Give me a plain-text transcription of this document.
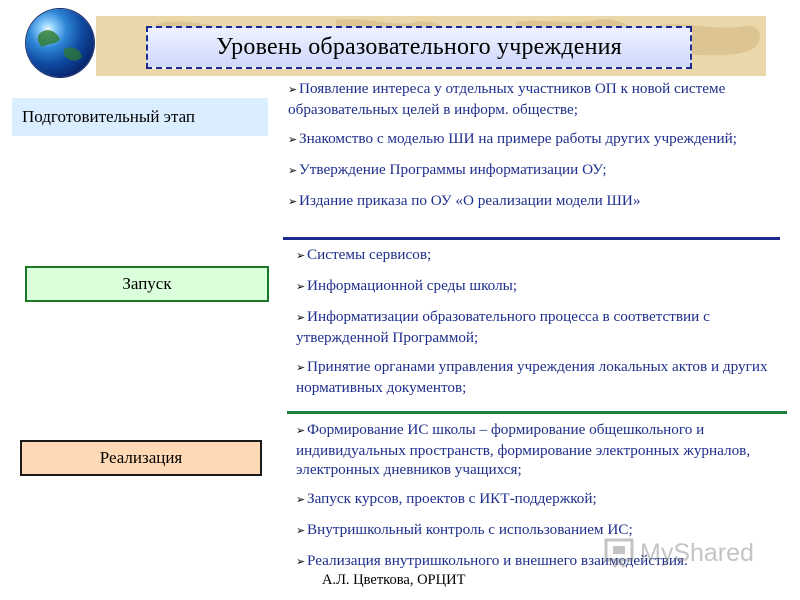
Уровень образовательного учреждения
Подготовительный этап
➢ Появление интереса у отдельных участников ОП к новой системе образовательных целей в информ. обществе;
➢ Знакомство с моделью ШИ на примере работы других учреждений;
➢ Утверждение Программы информатизации ОУ;
➢ Издание приказа по ОУ «О реализации модели ШИ»
Запуск
➢ Системы сервисов;
➢ Информационной среды школы;
➢ Информатизации образовательного процесса в соответствии с утвержденной Программой;
➢ Принятие органами управления учреждения локальных актов и других нормативных документов;
Реализация
➢ Формирование ИС школы – формирование общешкольного и индивидуальных пространств, формирование электронных журналов, электронных дневников учащихся;
➢ Запуск курсов, проектов с ИКТ-поддержкой;
➢ Внутришкольный контроль с использованием ИС;
➢ Реализация внутришкольного и внешнего взаимодействия.
А.Л. Цветкова, ОРЦИТ
MyShared
